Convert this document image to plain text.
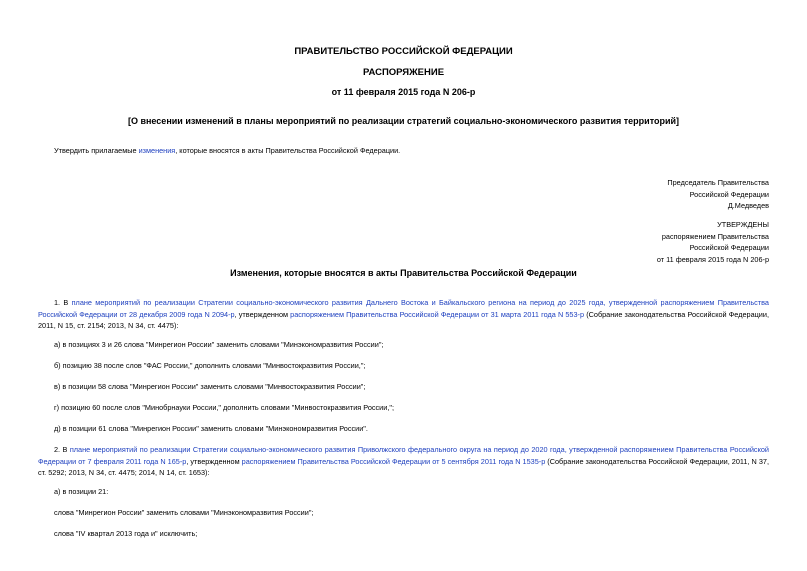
ПРАВИТЕЛЬСТВО РОССИЙСКОЙ ФЕДЕРАЦИИ
РАСПОРЯЖЕНИЕ
от 11 февраля 2015 года N 206-р
[О внесении изменений в планы мероприятий по реализации стратегий социально-экономического развития территорий]
Утвердить прилагаемые изменения, которые вносятся в акты Правительства Российской Федерации.
Председатель Правительства
Российской Федерации
Д.Медведев
УТВЕРЖДЕНЫ
распоряжением Правительства
Российской Федерации
от 11 февраля 2015 года N 206-р
Изменения, которые вносятся в акты Правительства Российской Федерации
1. В плане мероприятий по реализации Стратегии социально-экономического развития Дальнего Востока и Байкальского региона на период до 2025 года, утвержденной распоряжением Правительства Российской Федерации от 28 декабря 2009 года N 2094-р, утвержденном распоряжением Правительства Российской Федерации от 31 марта 2011 года N 553-р (Собрание законодательства Российской Федерации, 2011, N 15, ст. 2154; 2013, N 34, ст. 4475):
а) в позициях 3 и 26 слова "Минрегион России" заменить словами "Минэкономразвития России";
б) позицию 38 после слов "ФАС России," дополнить словами "Минвостокразвития России,";
в) в позиции 58 слова "Минрегион России" заменить словами "Минвостокразвития России";
г) позицию 60 после слов "Минобрнауки России," дополнить словами "Минвостокразвития России,";
д) в позиции 61 слова "Минрегион России" заменить словами "Минэкономразвития России".
2. В плане мероприятий по реализации Стратегии социально-экономического развития Приволжского федерального округа на период до 2020 года, утвержденной распоряжением Правительства Российской Федерации от 7 февраля 2011 года N 165-р, утвержденном распоряжением Правительства Российской Федерации от 5 сентября 2011 года N 1535-р (Собрание законодательства Российской Федерации, 2011, N 37, ст. 5292; 2013, N 34, ст. 4475; 2014, N 14, ст. 1653):
а) в позиции 21:
слова "Минрегион России" заменить словами "Минэкономразвития России";
слова "IV квартал 2013 года и" исключить;
